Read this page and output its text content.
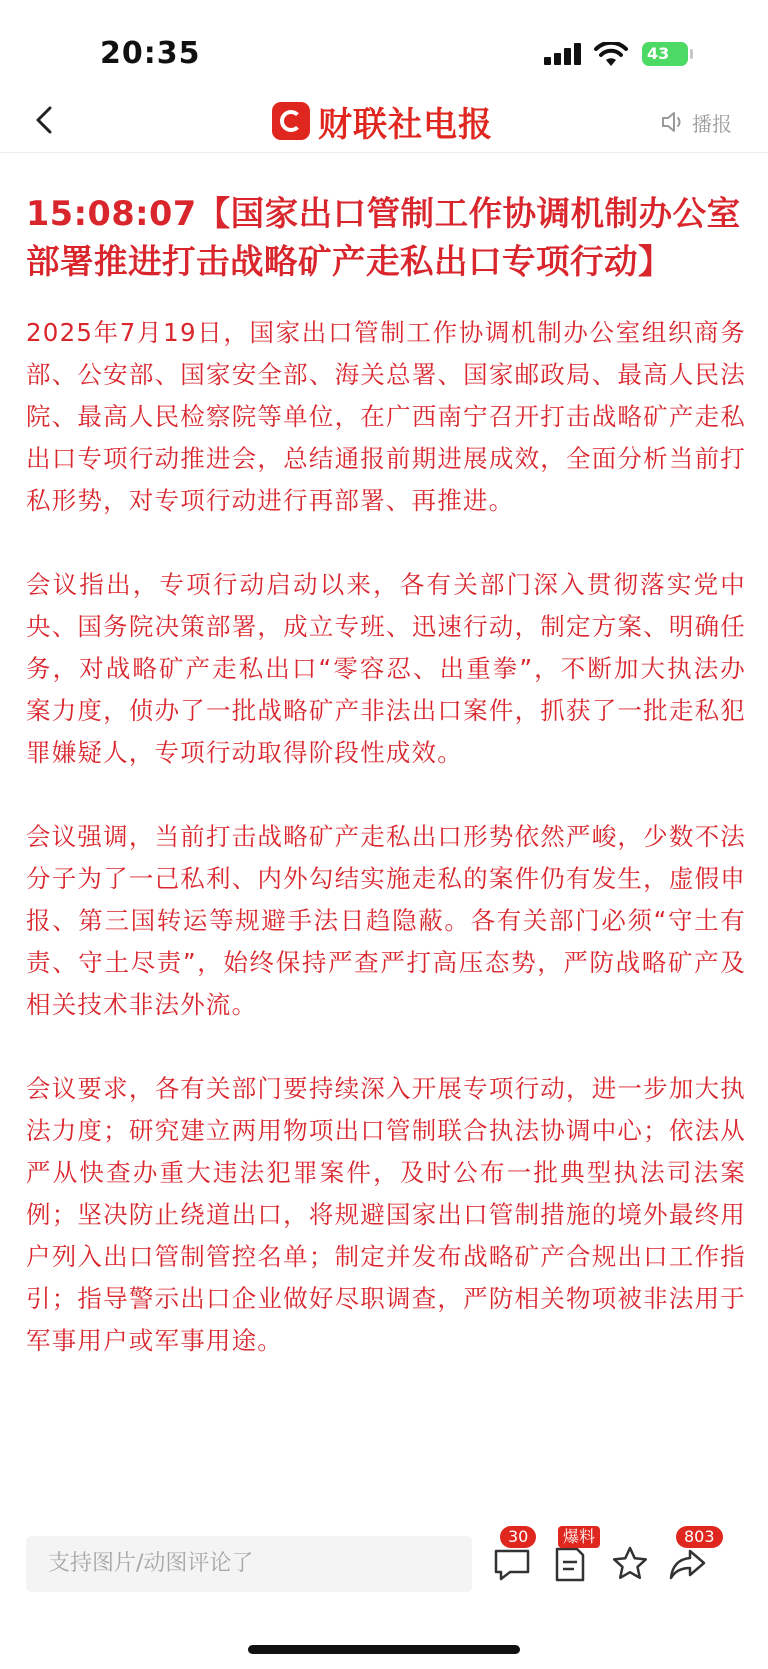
20:35	43
财联社电报	播报
15:08:07【国家出口管制工作协调机制办公室部署推进打击战略矿产走私出口专项行动】

2025年7月19日，国家出口管制工作协调机制办公室组织商务部、公安部、国家安全部、海关总署、国家邮政局、最高人民法院、最高人民检察院等单位，在广西南宁召开打击战略矿产走私出口专项行动推进会，总结通报前期进展成效，全面分析当前打私形势，对专项行动进行再部署、再推进。

会议指出，专项行动启动以来，各有关部门深入贯彻落实党中央、国务院决策部署，成立专班、迅速行动，制定方案、明确任务，对战略矿产走私出口“零容忍、出重拳”，不断加大执法办案力度，侦办了一批战略矿产非法出口案件，抓获了一批走私犯罪嫌疑人，专项行动取得阶段性成效。

会议强调，当前打击战略矿产走私出口形势依然严峻，少数不法分子为了一己私利、内外勾结实施走私的案件仍有发生，虚假申报、第三国转运等规避手法日趋隐蔽。各有关部门必须“守土有责、守土尽责”，始终保持严查严打高压态势，严防战略矿产及相关技术非法外流。

会议要求，各有关部门要持续深入开展专项行动，进一步加大执法力度；研究建立两用物项出口管制联合执法协调中心；依法从严从快查办重大违法犯罪案件，及时公布一批典型执法司法案例；坚决防止绕道出口，将规避国家出口管制措施的境外最终用户列入出口管制管控名单；制定并发布战略矿产合规出口工作指引；指导警示出口企业做好尽职调查，严防相关物项被非法用于军事用户或军事用途。

支持图片/动图评论了
30	爆料	803
